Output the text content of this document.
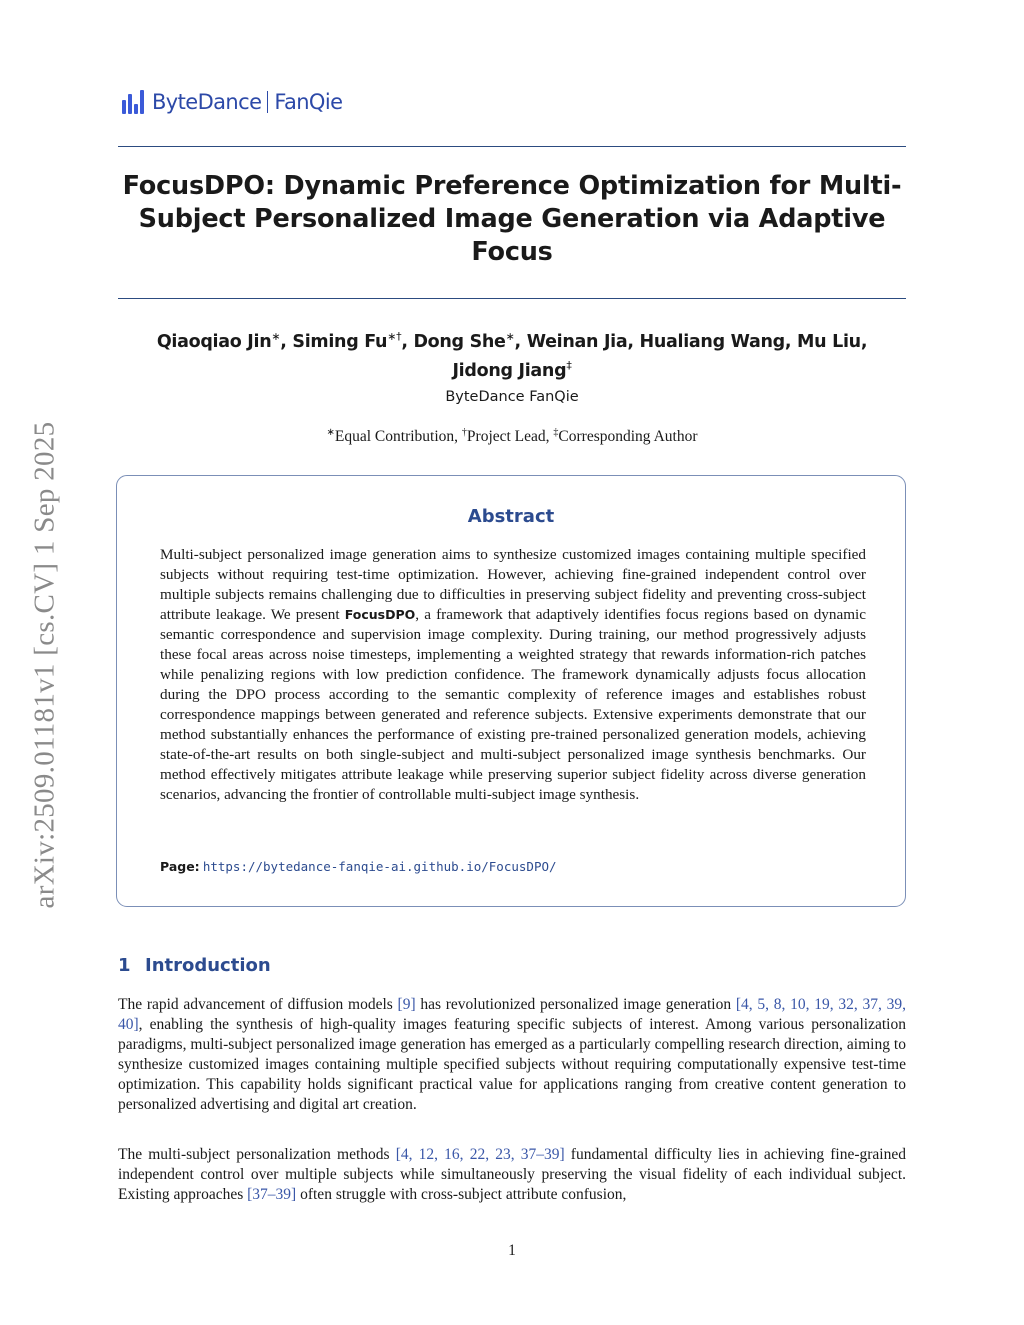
arXiv:2509.01181v1 [cs.CV] 1 Sep 2025
ByteDance FanQie
FocusDPO: Dynamic Preference Optimization for Multi-Subject Personalized Image Generation via Adaptive Focus
Qiaoqiao Jin∗, Siming Fu∗†, Dong She∗, Weinan Jia, Hualiang Wang, Mu Liu,
Jidong Jiang‡
ByteDance FanQie
∗Equal Contribution, †Project Lead, ‡Corresponding Author
Abstract
Multi-subject personalized image generation aims to synthesize customized images containing multiple specified subjects without requiring test-time optimization. However, achieving fine-grained independent control over multiple subjects remains challenging due to difficulties in preserving subject fidelity and preventing cross-subject attribute leakage. We present FocusDPO, a framework that adaptively identifies focus regions based on dynamic semantic correspondence and supervision image complexity. During training, our method progressively adjusts these focal areas across noise timesteps, implementing a weighted strategy that rewards information-rich patches while penalizing regions with low prediction confidence. The framework dynamically adjusts focus allocation during the DPO process according to the semantic complexity of reference images and establishes robust correspondence mappings between generated and reference subjects. Extensive experiments demonstrate that our method substantially enhances the performance of existing pre-trained personalized generation models, achieving state-of-the-art results on both single-subject and multi-subject personalized image synthesis benchmarks. Our method effectively mitigates attribute leakage while preserving superior subject fidelity across diverse generation scenarios, advancing the frontier of controllable multi-subject image synthesis.
Page: https://bytedance-fanqie-ai.github.io/FocusDPO/
1 Introduction
The rapid advancement of diffusion models [9] has revolutionized personalized image generation [4, 5, 8, 10, 19, 32, 37, 39, 40], enabling the synthesis of high-quality images featuring specific subjects of interest. Among various personalization paradigms, multi-subject personalized image generation has emerged as a particularly compelling research direction, aiming to synthesize customized images containing multiple specified subjects without requiring computationally expensive test-time optimization. This capability holds significant practical value for applications ranging from creative content generation to personalized advertising and digital art creation.
The multi-subject personalization methods [4, 12, 16, 22, 23, 37–39] fundamental difficulty lies in achieving fine-grained independent control over multiple subjects while simultaneously preserving the visual fidelity of each individual subject. Existing approaches [37–39] often struggle with cross-subject attribute confusion,
1
